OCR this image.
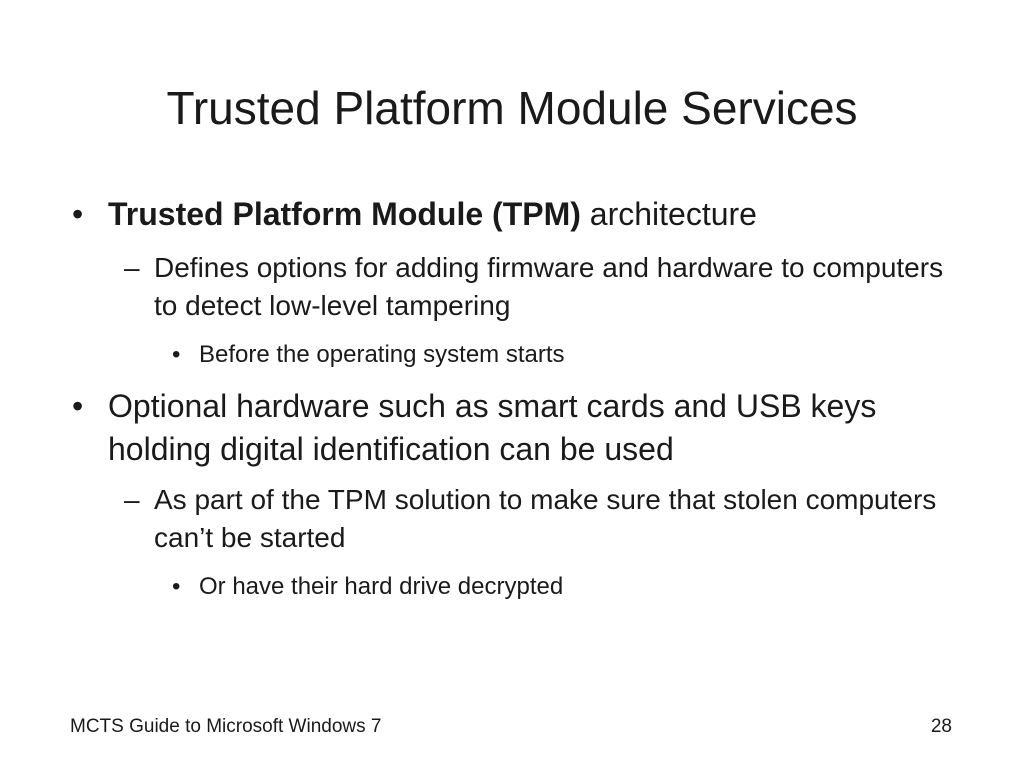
Trusted Platform Module Services

• Trusted Platform Module (TPM) architecture

– Defines options for adding firmware and hardware to computers to detect low-level tampering

• Before the operating system starts

• Optional hardware such as smart cards and USB keys holding digital identification can be used

– As part of the TPM solution to make sure that stolen computers can’t be started

• Or have their hard drive decrypted

MCTS Guide to Microsoft Windows 7	28
